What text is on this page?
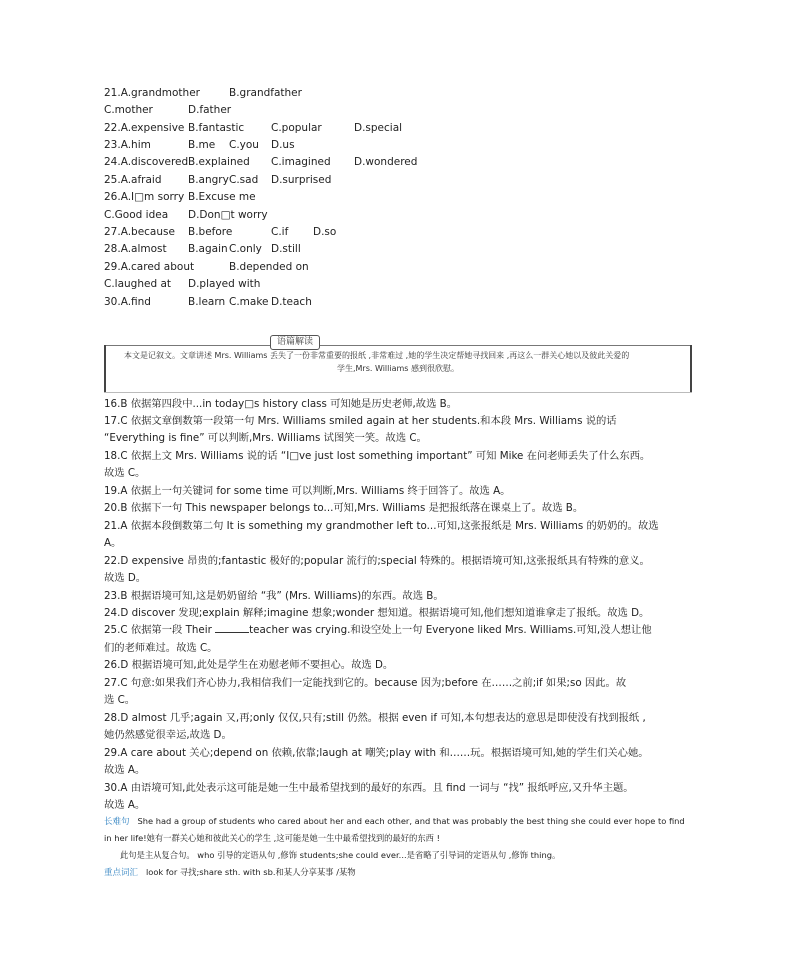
21.A.grandmother	B.grandfather
C.mother	D.father
22.A.expensive B.fantastic	C.popular	D.special
23.A.him	B.me C.you D.us
24.A.discovered B.explained C.imagined D.wondered
25.A.afraid	B.angry C.sad D.surprised
26.A.I□m sorry B.Excuse me
C.Good idea D.Don□t worry
27.A.because B.before	C.if D.so
28.A.almost B.again C.only D.still
29.A.cared about	B.depended on
C.laughed at D.played with
30.A.find	B.learn C.make D.teach
语篇解读
本文是记叙文。文章讲述 Mrs. Williams 丢失了一份非常重要的报纸 ,非常难过 ,她的学生决定帮她寻找回来 ,再这么一群关心她以及彼此关爱的
学生,Mrs. Williams 感到很欣慰。
16.B 依据第四段中...in today□s history class 可知她是历史老师,故选 B。
17.C 依据文章倒数第一段第一句 Mrs. Williams smiled again at her students.和本段 Mrs. Williams 说的话
“Everything is fine” 可以判断,Mrs. Williams 试图笑一笑。故选 C。
18.C 依据上文 Mrs. Williams 说的话 “I□ve just lost something important” 可知 Mike 在问老师丢失了什么东西。
故选 C。
19.A 依据上一句关键词 for some time 可以判断,Mrs. Williams 终于回答了。故选 A。
20.B 依据下一句 This newspaper belongs to...可知,Mrs. Williams 是把报纸落在课桌上了。故选 B。
21.A 依据本段倒数第二句 It is something my grandmother left to...可知,这张报纸是 Mrs. Williams 的奶奶的。故选
A。
22.D expensive 昂贵的;fantastic 极好的;popular 流行的;special 特殊的。根据语境可知,这张报纸具有特殊的意义。
故选 D。
23.B 根据语境可知,这是奶奶留给 “我” (Mrs. Williams)的东西。故选 B。
24.D discover 发现;explain 解释;imagine 想象;wonder 想知道。根据语境可知,他们想知道谁拿走了报纸。故选 D。
25.C 依据第一段 Their	teacher was crying.和设空处上一句 Everyone liked Mrs. Williams.可知,没人想让他
们的老师难过。故选 C。
26.D 根据语境可知,此处是学生在劝慰老师不要担心。故选 D。
27.C 句意:如果我们齐心协力,我相信我们一定能找到它的。because 因为;before 在……之前;if 如果;so 因此。故
选 C。
28.D almost 几乎;again 又,再;only 仅仅,只有;still 仍然。根据 even if 可知,本句想表达的意思是即使没有找到报纸 ,
她仍然感觉很幸运,故选 D。
29.A care about 关心;depend on 依赖,依靠;laugh at 嘲笑;play with 和……玩。根据语境可知,她的学生们关心她。
故选 A。
30.A 由语境可知,此处表示这可能是她一生中最希望找到的最好的东西。且 find 一词与 “找” 报纸呼应,又升华主题。
故选 A。
长难句 She had a group of students who cared about her and each other, and that was probably the best thing she could ever hope to find
in her life!她有一群关心她和彼此关心的学生 ,这可能是她一生中最希望找到的最好的东西 !
此句是主从复合句。 who 引导的定语从句 ,修饰 students;she could ever...是省略了引导词的定语从句 ,修饰 thing。
重点词汇 look for 寻找;share sth. with sb.和某人分享某事 /某物
